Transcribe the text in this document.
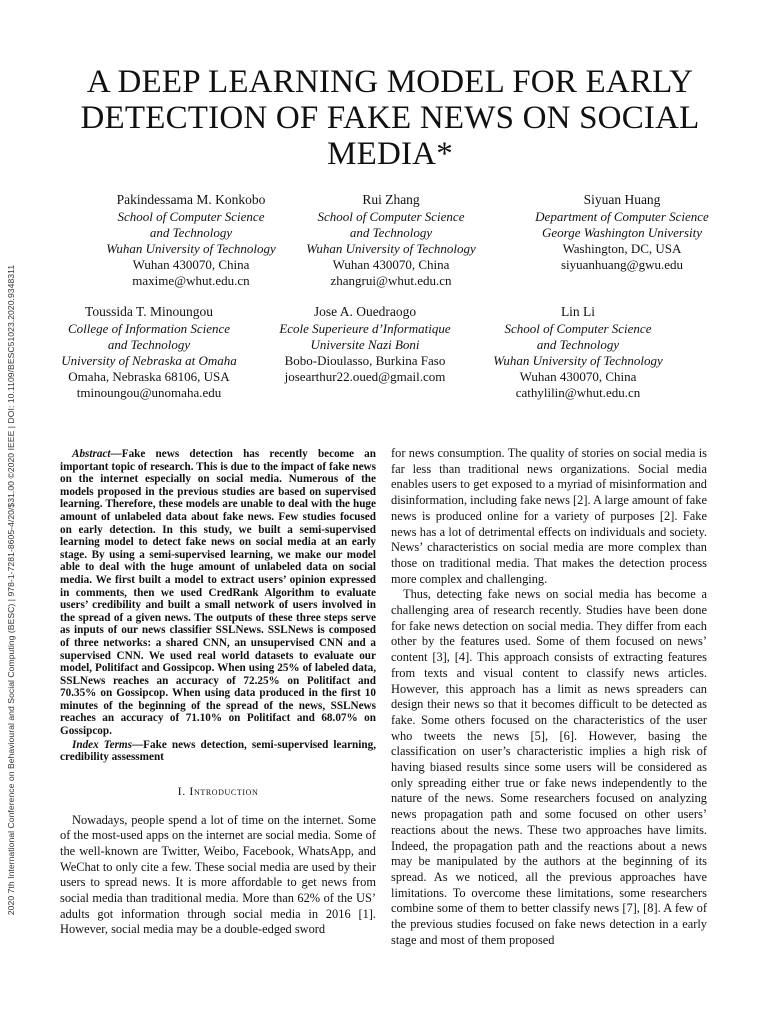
2020 7th International Conference on Behavioural and Social Computing (BESC) | 978-1-7281-8605-4/20/$31.00 ©2020 IEEE | DOI: 10.1109/BESC51023.2020.9348311
A DEEP LEARNING MODEL FOR EARLY DETECTION OF FAKE NEWS ON SOCIAL MEDIA*
Pakindessama M. Konkobo
School of Computer Science
and Technology
Wuhan University of Technology
Wuhan 430070, China
maxime@whut.edu.cn
Rui Zhang
School of Computer Science
and Technology
Wuhan University of Technology
Wuhan 430070, China
zhangrui@whut.edu.cn
Siyuan Huang
Department of Computer Science
George Washington University
Washington, DC, USA
siyuanhuang@gwu.edu
Toussida T. Minoungou
College of Information Science
and Technology
University of Nebraska at Omaha
Omaha, Nebraska 68106, USA
tminoungou@unomaha.edu
Jose A. Ouedraogo
Ecole Superieure d’Informatique
Universite Nazi Boni
Bobo-Dioulasso, Burkina Faso
josearthur22.oued@gmail.com
Lin Li
School of Computer Science
and Technology
Wuhan University of Technology
Wuhan 430070, China
cathylilin@whut.edu.cn

Abstract—Fake news detection has recently become an important topic of research. This is due to the impact of fake news on the internet especially on social media. Numerous of the models proposed in the previous studies are based on supervised learning. Therefore, these models are unable to deal with the huge amount of unlabeled data about fake news. Few studies focused on early detection. In this study, we built a semi-supervised learning model to detect fake news on social media at an early stage. By using a semi-supervised learning, we make our model able to deal with the huge amount of unlabeled data on social media. We first built a model to extract users’ opinion expressed in comments, then we used CredRank Algorithm to evaluate users’ credibility and built a small network of users involved in the spread of a given news. The outputs of these three steps serve as inputs of our news classifier SSLNews. SSLNews is composed of three networks: a shared CNN, an unsupervised CNN and a supervised CNN. We used real world datasets to evaluate our model, Politifact and Gossipcop. When using 25% of labeled data, SSLNews reaches an accuracy of 72.25% on Politifact and 70.35% on Gossipcop. When using data produced in the first 10 minutes of the beginning of the spread of the news, SSLNews reaches an accuracy of 71.10% on Politifact and 68.07% on Gossipcop.

Index Terms—Fake news detection, semi-supervised learning, credibility assessment

I. Introduction

Nowadays, people spend a lot of time on the internet. Some of the most-used apps on the internet are social media. Some of the well-known are Twitter, Weibo, Facebook, WhatsApp, and WeChat to only cite a few. These social media are used by their users to spread news. It is more affordable to get news from social media than traditional media. More than 62% of the US’ adults got information through social media in 2016 [1]. However, social media may be a double-edged sword

for news consumption. The quality of stories on social media is far less than traditional news organizations. Social media enables users to get exposed to a myriad of misinformation and disinformation, including fake news [2]. A large amount of fake news is produced online for a variety of purposes [2]. Fake news has a lot of detrimental effects on individuals and society. News’ characteristics on social media are more complex than those on traditional media. That makes the detection process more complex and challenging.

Thus, detecting fake news on social media has become a challenging area of research recently. Studies have been done for fake news detection on social media. They differ from each other by the features used. Some of them focused on news’ content [3], [4]. This approach consists of extracting features from texts and visual content to classify news articles. However, this approach has a limit as news spreaders can design their news so that it becomes difficult to be detected as fake. Some others focused on the characteristics of the user who tweets the news [5], [6]. However, basing the classification on user’s characteristic implies a high risk of having biased results since some users will be considered as only spreading either true or fake news independently to the nature of the news. Some researchers focused on analyzing news propagation path and some focused on other users’ reactions about the news. These two approaches have limits. Indeed, the propagation path and the reactions about a news may be manipulated by the authors at the beginning of its spread. As we noticed, all the previous approaches have limitations. To overcome these limitations, some researchers combine some of them to better classify news [7], [8]. A few of the previous studies focused on fake news detection in a early stage and most of them proposed
